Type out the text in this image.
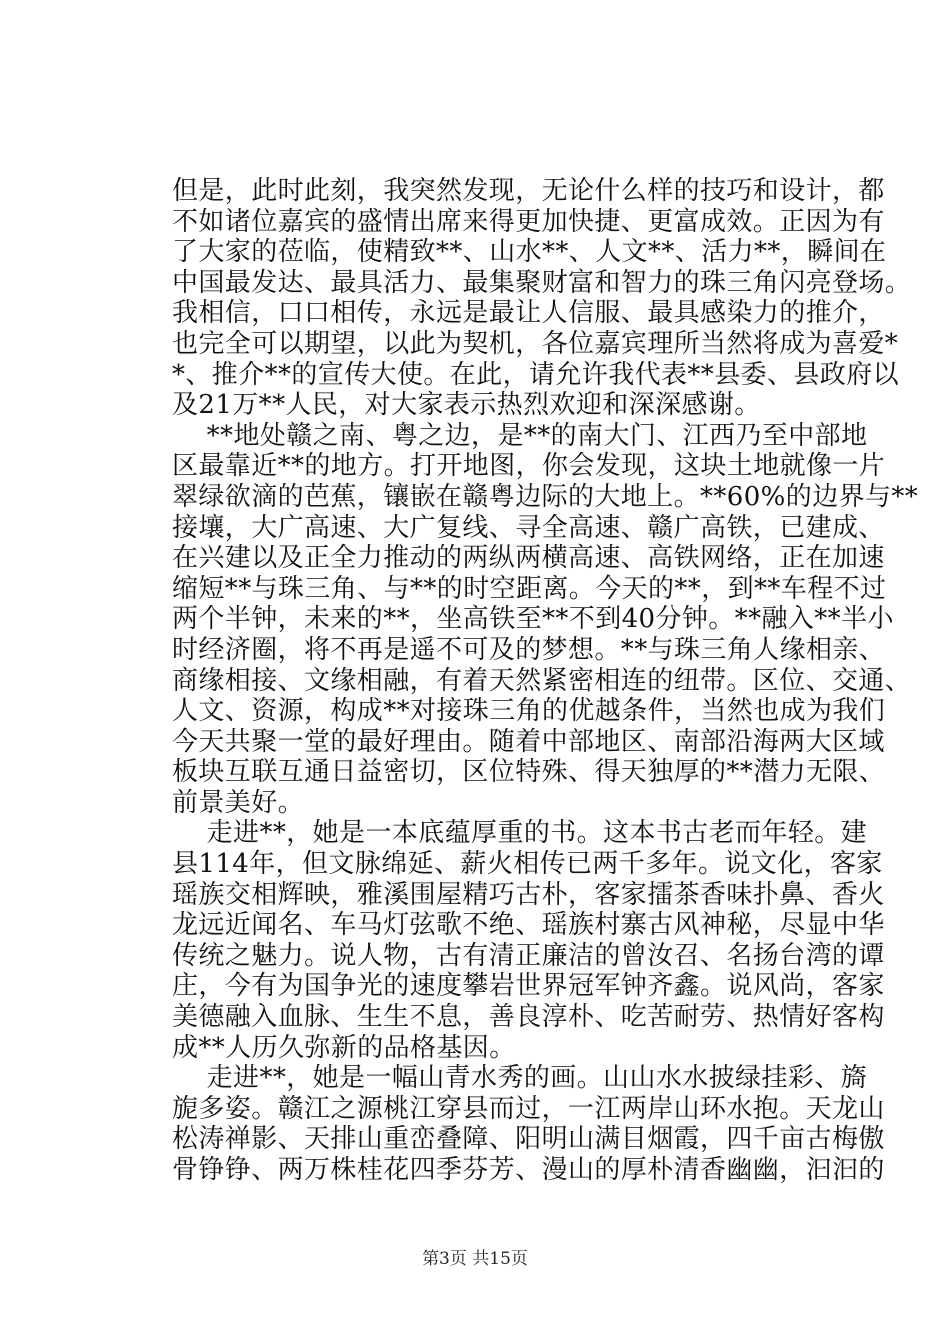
但是，此时此刻，我突然发现，无论什么样的技巧和设计，都
不如诸位嘉宾的盛情出席来得更加快捷、更富成效。正因为有
了大家的莅临，使精致**、山水**、人文**、活力**，瞬间在
中国最发达、最具活力、最集聚财富和智力的珠三角闪亮登场。
我相信，口口相传，永远是最让人信服、最具感染力的推介，
也完全可以期望，以此为契机，各位嘉宾理所当然将成为喜爱*
*、推介**的宣传大使。在此，请允许我代表**县委、县政府以
及21万**人民，对大家表示热烈欢迎和深深感谢。
**地处赣之南、粤之边，是**的南大门、江西乃至中部地
区最靠近**的地方。打开地图，你会发现，这块土地就像一片
翠绿欲滴的芭蕉，镶嵌在赣粤边际的大地上。**60%的边界与**
接壤，大广高速、大广复线、寻全高速、赣广高铁，已建成、
在兴建以及正全力推动的两纵两横高速、高铁网络，正在加速
缩短**与珠三角、与**的时空距离。今天的**，到**车程不过
两个半钟，未来的**，坐高铁至**不到40分钟。**融入**半小
时经济圈，将不再是遥不可及的梦想。**与珠三角人缘相亲、
商缘相接、文缘相融，有着天然紧密相连的纽带。区位、交通、
人文、资源，构成**对接珠三角的优越条件，当然也成为我们
今天共聚一堂的最好理由。随着中部地区、南部沿海两大区域
板块互联互通日益密切，区位特殊、得天独厚的**潜力无限、
前景美好。
走进**，她是一本底蕴厚重的书。这本书古老而年轻。建
县114年，但文脉绵延、薪火相传已两千多年。说文化，客家
瑶族交相辉映，雅溪围屋精巧古朴，客家擂茶香味扑鼻、香火
龙远近闻名、车马灯弦歌不绝、瑶族村寨古风神秘，尽显中华
传统之魅力。说人物，古有清正廉洁的曾汝召、名扬台湾的谭
庄，今有为国争光的速度攀岩世界冠军钟齐鑫。说风尚，客家
美德融入血脉、生生不息，善良淳朴、吃苦耐劳、热情好客构
成**人历久弥新的品格基因。
走进**，她是一幅山青水秀的画。山山水水披绿挂彩、旖
旎多姿。赣江之源桃江穿县而过，一江两岸山环水抱。天龙山
松涛禅影、天排山重峦叠障、阳明山满目烟霞，四千亩古梅傲
骨铮铮、两万株桂花四季芬芳、漫山的厚朴清香幽幽，汩汩的
第3页 共15页
